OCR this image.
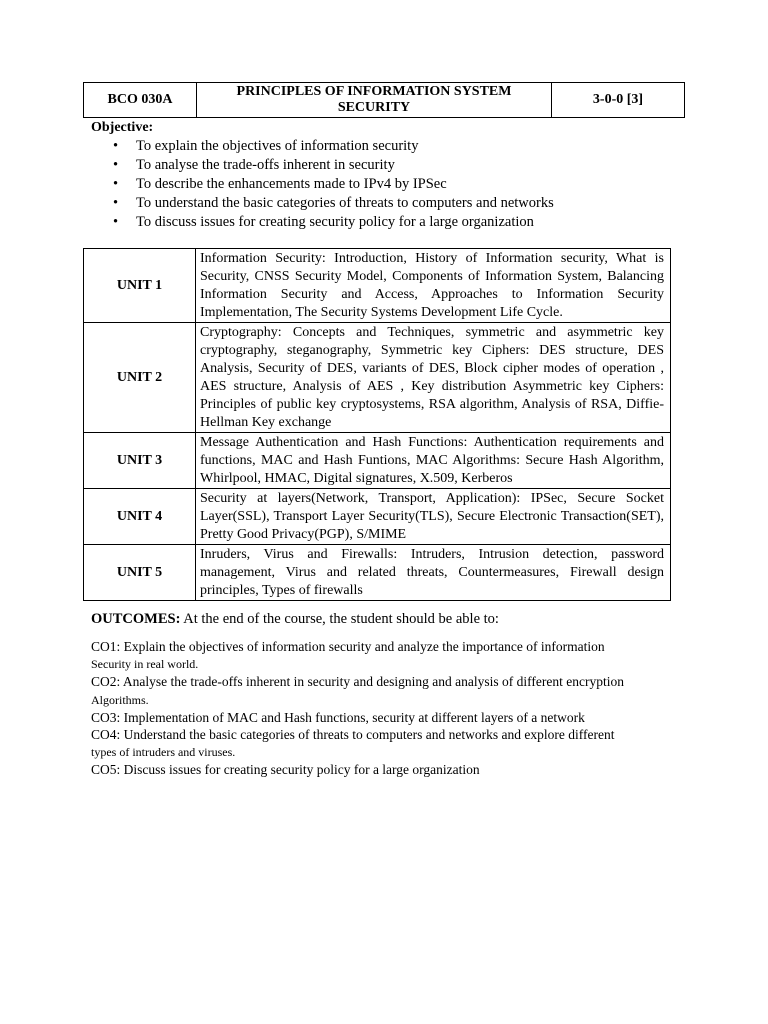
BCO 030A	PRINCIPLES OF INFORMATION SYSTEM SECURITY	3-0-0 [3]
Objective:
• To explain the objectives of information security
• To analyse the trade-offs inherent in security
• To describe the enhancements made to IPv4 by IPSec
• To understand the basic categories of threats to computers and networks
• To discuss issues for creating security policy for a large organization
UNIT 1	Information Security: Introduction, History of Information security, What is Security, CNSS Security Model, Components of Information System, Balancing Information Security and Access, Approaches to Information Security Implementation, The Security Systems Development Life Cycle.
UNIT 2	Cryptography: Concepts and Techniques, symmetric and asymmetric key cryptography, steganography, Symmetric key Ciphers: DES structure, DES Analysis, Security of DES, variants of DES, Block cipher modes of operation , AES structure, Analysis of AES , Key distribution Asymmetric key Ciphers: Principles of public key cryptosystems, RSA algorithm, Analysis of RSA, Diffie-Hellman Key exchange
UNIT 3	Message Authentication and Hash Functions: Authentication requirements and functions, MAC and Hash Funtions, MAC Algorithms: Secure Hash Algorithm, Whirlpool, HMAC, Digital signatures, X.509, Kerberos
UNIT 4	Security at layers(Network, Transport, Application): IPSec, Secure Socket Layer(SSL), Transport Layer Security(TLS), Secure Electronic Transaction(SET), Pretty Good Privacy(PGP), S/MIME
UNIT 5	Inruders, Virus and Firewalls: Intruders, Intrusion detection, password management, Virus and related threats, Countermeasures, Firewall design principles, Types of firewalls
OUTCOMES: At the end of the course, the student should be able to:

CO1: Explain the objectives of information security and analyze the importance of information
Security in real world.

CO2: Analyse the trade-offs inherent in security and designing and analysis of different encryption
Algorithms.

CO3: Implementation of MAC and Hash functions, security at different layers of a network

CO4: Understand the basic categories of threats to computers and networks and explore different
types of intruders and viruses.

CO5: Discuss issues for creating security policy for a large organization
